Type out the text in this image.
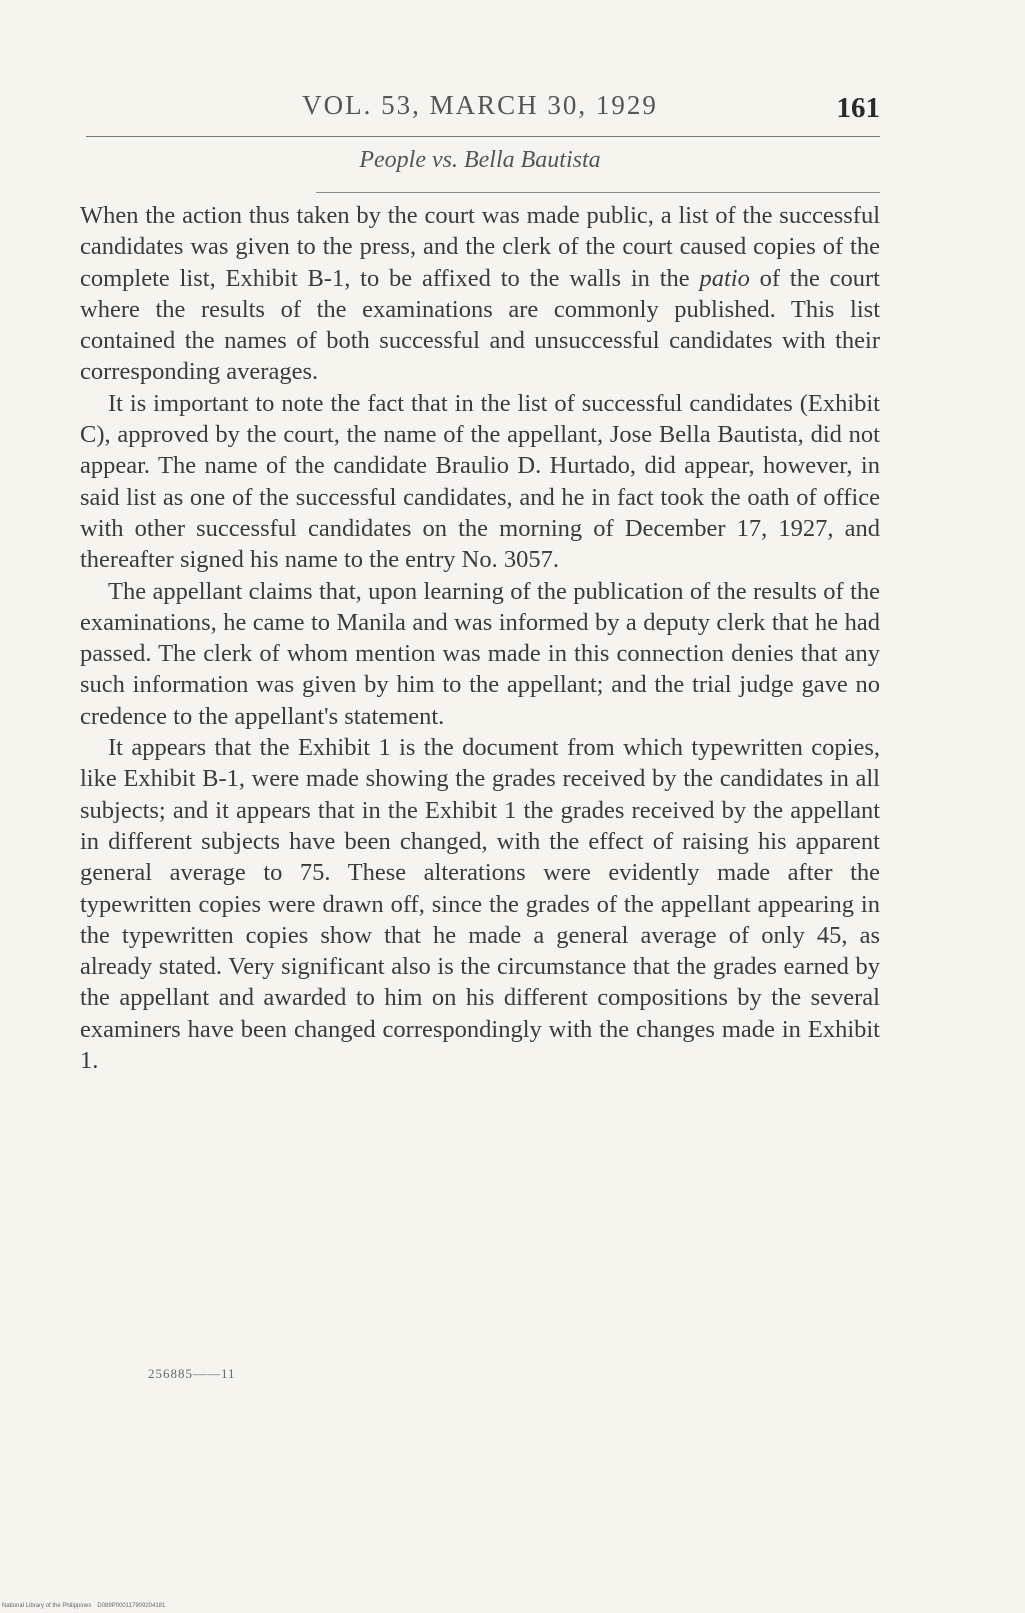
VOL. 53, MARCH 30, 1929	161
People vs. Bella Bautista

When the action thus taken by the court was made public, a list of the successful candidates was given to the press, and the clerk of the court caused copies of the complete list, Exhibit B-1, to be affixed to the walls in the patio of the court where the results of the examinations are commonly published. This list contained the names of both successful and unsuccessful candidates with their corresponding averages.

It is important to note the fact that in the list of successful candidates (Exhibit C), approved by the court, the name of the appellant, Jose Bella Bautista, did not appear. The name of the candidate Braulio D. Hurtado, did appear, however, in said list as one of the successful candidates, and he in fact took the oath of office with other successful candidates on the morning of December 17, 1927, and thereafter signed his name to the entry No. 3057.

The appellant claims that, upon learning of the publication of the results of the examinations, he came to Manila and was informed by a deputy clerk that he had passed. The clerk of whom mention was made in this connection denies that any such information was given by him to the appellant; and the trial judge gave no credence to the appellant's statement.

It appears that the Exhibit 1 is the document from which typewritten copies, like Exhibit B-1, were made showing the grades received by the candidates in all subjects; and it appears that in the Exhibit 1 the grades received by the appellant in different subjects have been changed, with the effect of raising his apparent general average to 75. These alterations were evidently made after the typewritten copies were drawn off, since the grades of the appellant appearing in the typewritten copies show that he made a general average of only 45, as already stated. Very significant also is the circumstance that the grades earned by the appellant and awarded to him on his different compositions by the several examiners have been changed correspondingly with the changes made in Exhibit 1.

256885——11
National Library of the Philippines D089P000117909204181
